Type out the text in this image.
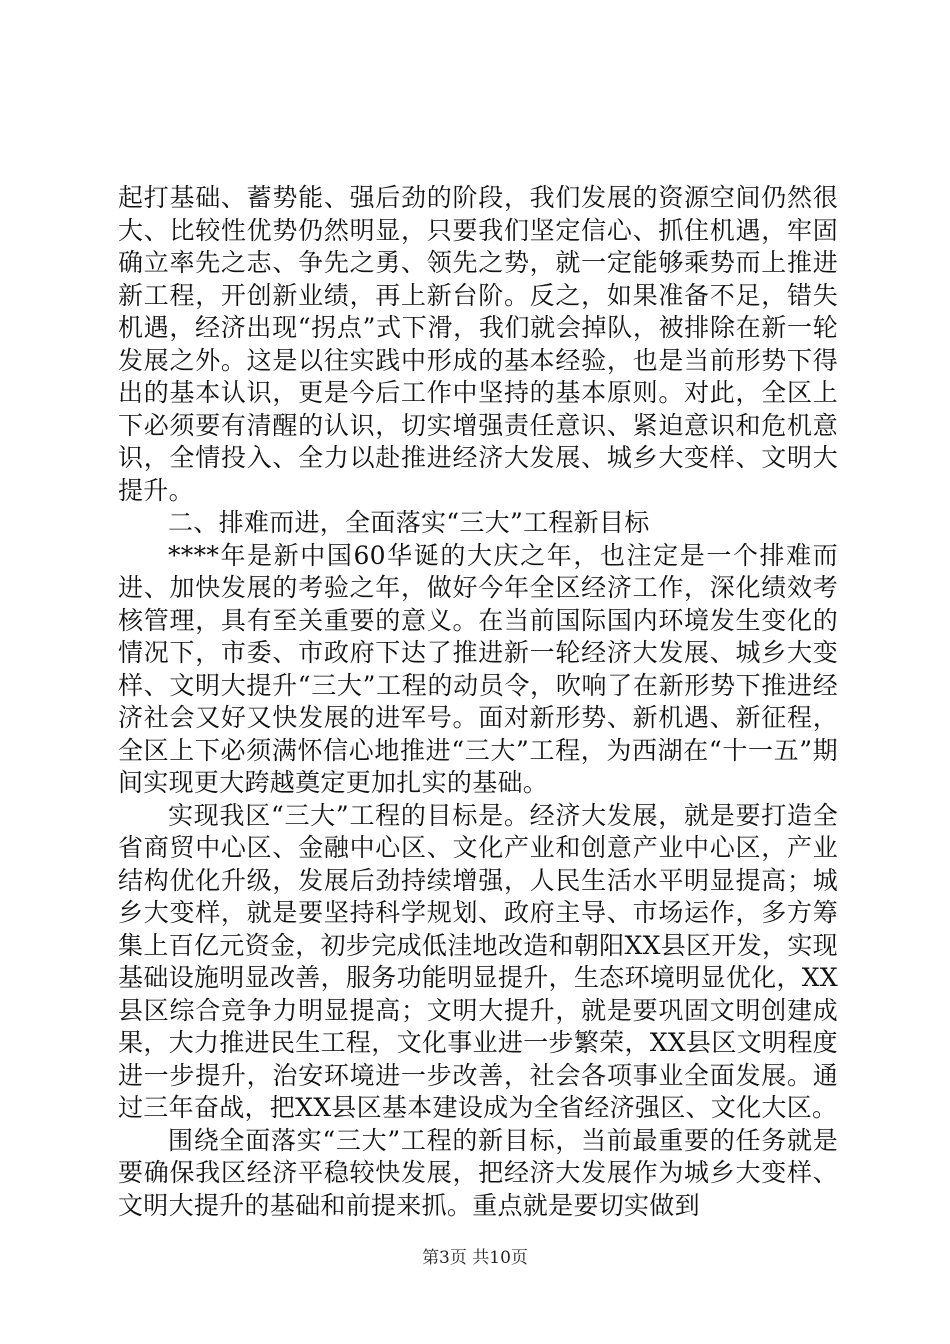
起打基础、蓄势能、强后劲的阶段，我们发展的资源空间仍然很大、比较性优势仍然明显，只要我们坚定信心、抓住机遇，牢固确立率先之志、争先之勇、领先之势，就一定能够乘势而上推进新工程，开创新业绩，再上新台阶。反之，如果准备不足，错失机遇，经济出现“拐点”式下滑，我们就会掉队，被排除在新一轮发展之外。这是以往实践中形成的基本经验，也是当前形势下得出的基本认识，更是今后工作中坚持的基本原则。对此，全区上下必须要有清醒的认识，切实增强责任意识、紧迫意识和危机意识，全情投入、全力以赴推进经济大发展、城乡大变样、文明大提升。

二、排难而进，全面落实“三大”工程新目标

****年是新中国60华诞的大庆之年，也注定是一个排难而进、加快发展的考验之年，做好今年全区经济工作，深化绩效考核管理，具有至关重要的意义。在当前国际国内环境发生变化的情况下，市委、市政府下达了推进新一轮经济大发展、城乡大变样、文明大提升“三大”工程的动员令，吹响了在新形势下推进经济社会又好又快发展的进军号。面对新形势、新机遇、新征程，全区上下必须满怀信心地推进“三大”工程，为西湖在“十一五”期间实现更大跨越奠定更加扎实的基础。

实现我区“三大”工程的目标是。经济大发展，就是要打造全省商贸中心区、金融中心区、文化产业和创意产业中心区，产业结构优化升级，发展后劲持续增强，人民生活水平明显提高；城乡大变样，就是要坚持科学规划、政府主导、市场运作，多方筹集上百亿元资金，初步完成低洼地改造和朝阳XX县区开发，实现基础设施明显改善，服务功能明显提升，生态环境明显优化，XX县区综合竞争力明显提高；文明大提升，就是要巩固文明创建成果，大力推进民生工程，文化事业进一步繁荣，XX县区文明程度进一步提升，治安环境进一步改善，社会各项事业全面发展。通过三年奋战，把XX县区基本建设成为全省经济强区、文化大区。

围绕全面落实“三大”工程的新目标，当前最重要的任务就是要确保我区经济平稳较快发展，把经济大发展作为城乡大变样、文明大提升的基础和前提来抓。重点就是要切实做到

第3页 共10页
